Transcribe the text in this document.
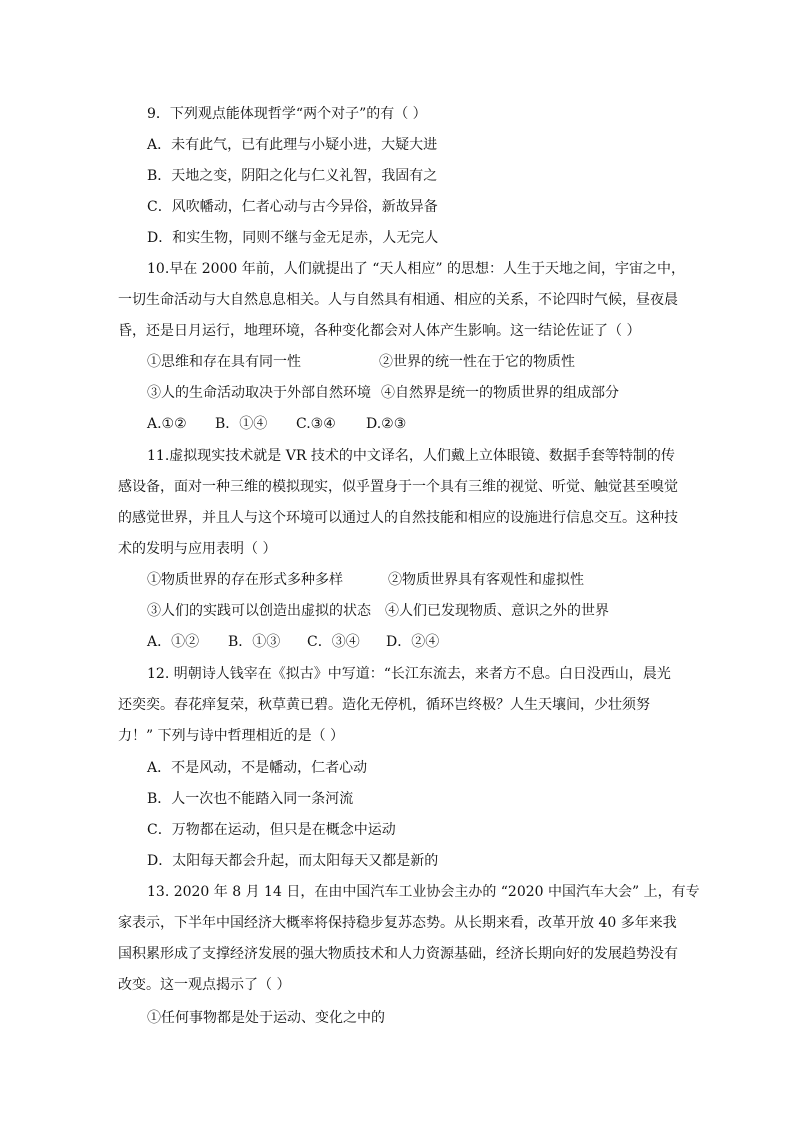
9．下列观点能体现哲学“两个对子”的有（ ）
A．未有此气，已有此理与小疑小进，大疑大进
B．天地之变，阴阳之化与仁义礼智，我固有之
C．风吹幡动，仁者心动与古今异俗，新故异备
D．和实生物，同则不继与金无足赤，人无完人
10.早在 2000 年前，人们就提出了 “天人相应” 的思想：人生于天地之间，宇宙之中，
一切生命活动与大自然息息相关。人与自然具有相通、相应的关系，不论四时气候，昼夜晨
昏，还是日月运行，地理环境，各种变化都会对人体产生影响。这一结论佐证了（ ）
①思维和存在具有同一性	②世界的统一性在于它的物质性
③人的生命活动取决于外部自然环境 ④自然界是统一的物质世界的组成部分
A.①② B．①④ C.③④ D.②③
11.虚拟现实技术就是 VR 技术的中文译名，人们戴上立体眼镜、数据手套等特制的传
感设备，面对一种三维的模拟现实，似乎置身于一个具有三维的视觉、听觉、触觉甚至嗅觉
的感觉世界，并且人与这个环境可以通过人的自然技能和相应的设施进行信息交互。这种技
术的发明与应用表明（ ）
①物质世界的存在形式多种多样	②物质世界具有客观性和虚拟性
③人们的实践可以创造出虚拟的状态 ④人们已发现物质、意识之外的世界
A．①② B．①③ C．③④ D．②④
12. 明朝诗人钱宰在《拟古》中写道：“长江东流去，来者方不息。白日没西山，晨光
还奕奕。春花痒复荣，秋草黄已碧。造化无停机，循环岂终极？人生天壤间，少壮须努
力！” 下列与诗中哲理相近的是（ ）
A．不是风动，不是幡动，仁者心动
B．人一次也不能踏入同一条河流
C．万物都在运动，但只是在概念中运动
D．太阳每天都会升起，而太阳每天又都是新的
13. 2020 年 8 月 14 日，在由中国汽车工业协会主办的 “2020 中国汽车大会” 上，有专
家表示，下半年中国经济大概率将保持稳步复苏态势。从长期来看，改革开放 40 多年来我
国积累形成了支撑经济发展的强大物质技术和人力资源基础，经济长期向好的发展趋势没有
改变。这一观点揭示了（ ）
①任何事物都是处于运动、变化之中的
